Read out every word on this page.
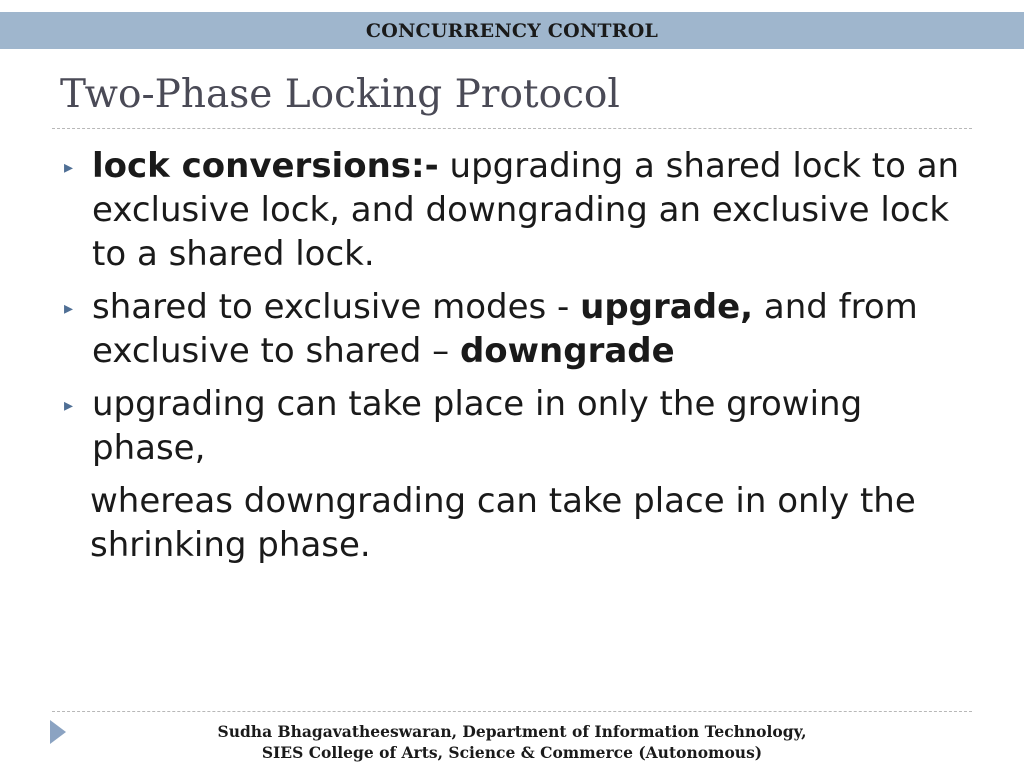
CONCURRENCY CONTROL
Two-Phase Locking Protocol
▸ lock conversions:- upgrading a shared lock to an exclusive lock, and downgrading an exclusive lock to a shared lock.
▸ shared to exclusive modes - upgrade, and from exclusive to shared – downgrade
▸ upgrading can take place in only the growing phase,
whereas downgrading can take place in only the shrinking phase.
Sudha Bhagavatheeswaran, Department of Information Technology,
SIES College of Arts, Science & Commerce (Autonomous)
